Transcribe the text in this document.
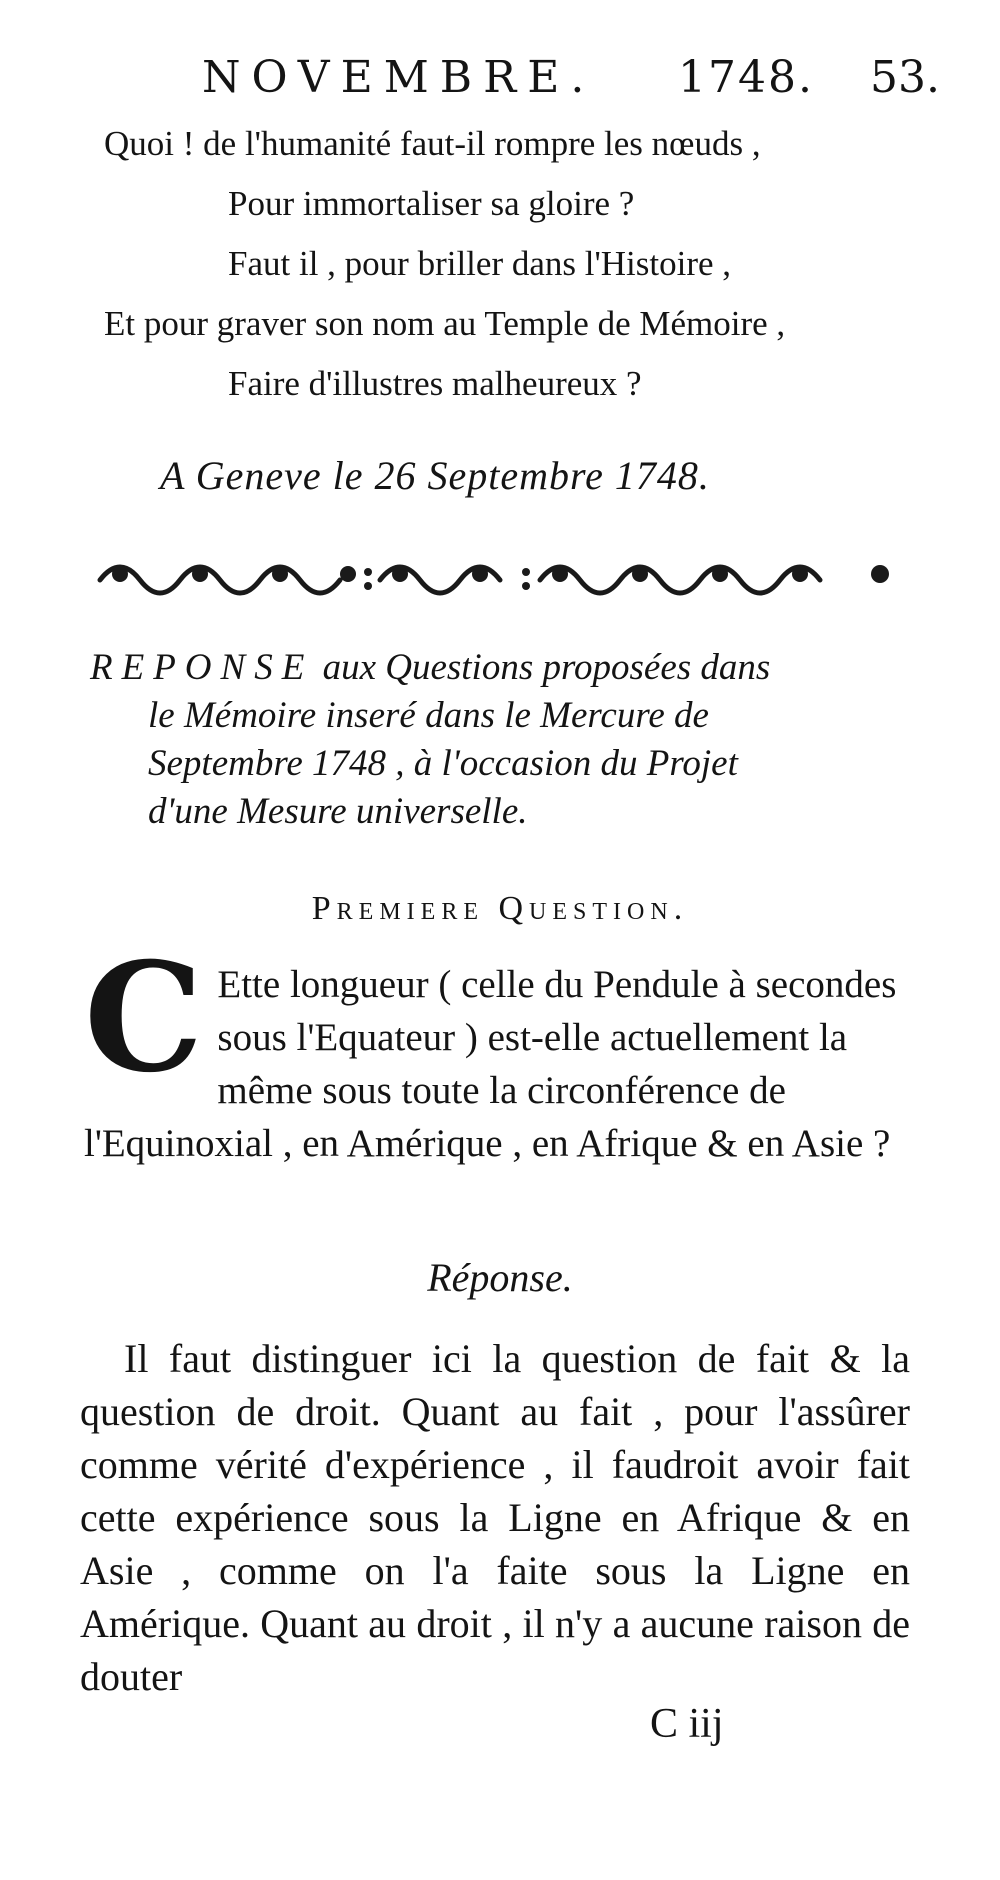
NOVEMBRE. 1748. 53.
Quoi ! de l'humanité faut-il rompre les nœuds ,
Pour immortaliser sa gloire ?
Faut il , pour briller dans l'Histoire ,
Et pour graver son nom au Temple de Mémoire ,
Faire d'illustres malheureux ?
A Geneve le 26 Septembre 1748.
REPONSE aux Questions proposées dans
le Mémoire inseré dans le Mercure de
Septembre 1748 , à l'occasion du Projet
d'une Mesure universelle.
Premiere Question.
C Ette longueur ( celle du Pendule à secondes sous l'Equateur ) est-elle actuellement la même sous toute la circonférence de l'Equinoxial , en Amérique , en Afrique & en Asie ?
Réponse.
Il faut distinguer ici la question de fait & la question de droit. Quant au fait , pour l'assûrer comme vérité d'expérience , il faudroit avoir fait cette expérience sous la Ligne en Afrique & en Asie , comme on l'a faite sous la Ligne en Amérique. Quant au droit , il n'y a aucune raison de douter
C iij
